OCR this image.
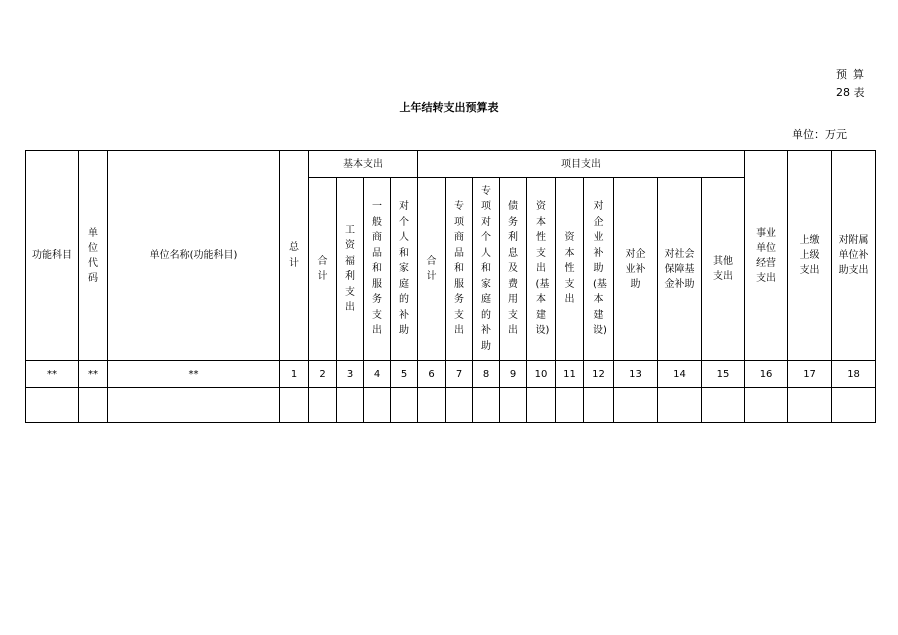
预算
28 表
上年结转支出预算表
单位：万元
功能科目	单位代码	单位名称(功能科目)	总计	基本支出				项目支出										事业单位经营支出	上缴上级支出	对附属单位补助支出
				合计	工资福利支出	一般商品和服务支出	对个人和家庭的补助	合计	专项商品和服务支出	专项对个人和家庭的补助	债务利息及费用支出	资本性支出(基本建设)	资本性支出	对企业补助(基本建设)	对企业补助	对社会保障基金补助	其他支出			
**	**	**	1	2	3	4	5	6	7	8	9	10	11	12	13	14	15	16	17	18
